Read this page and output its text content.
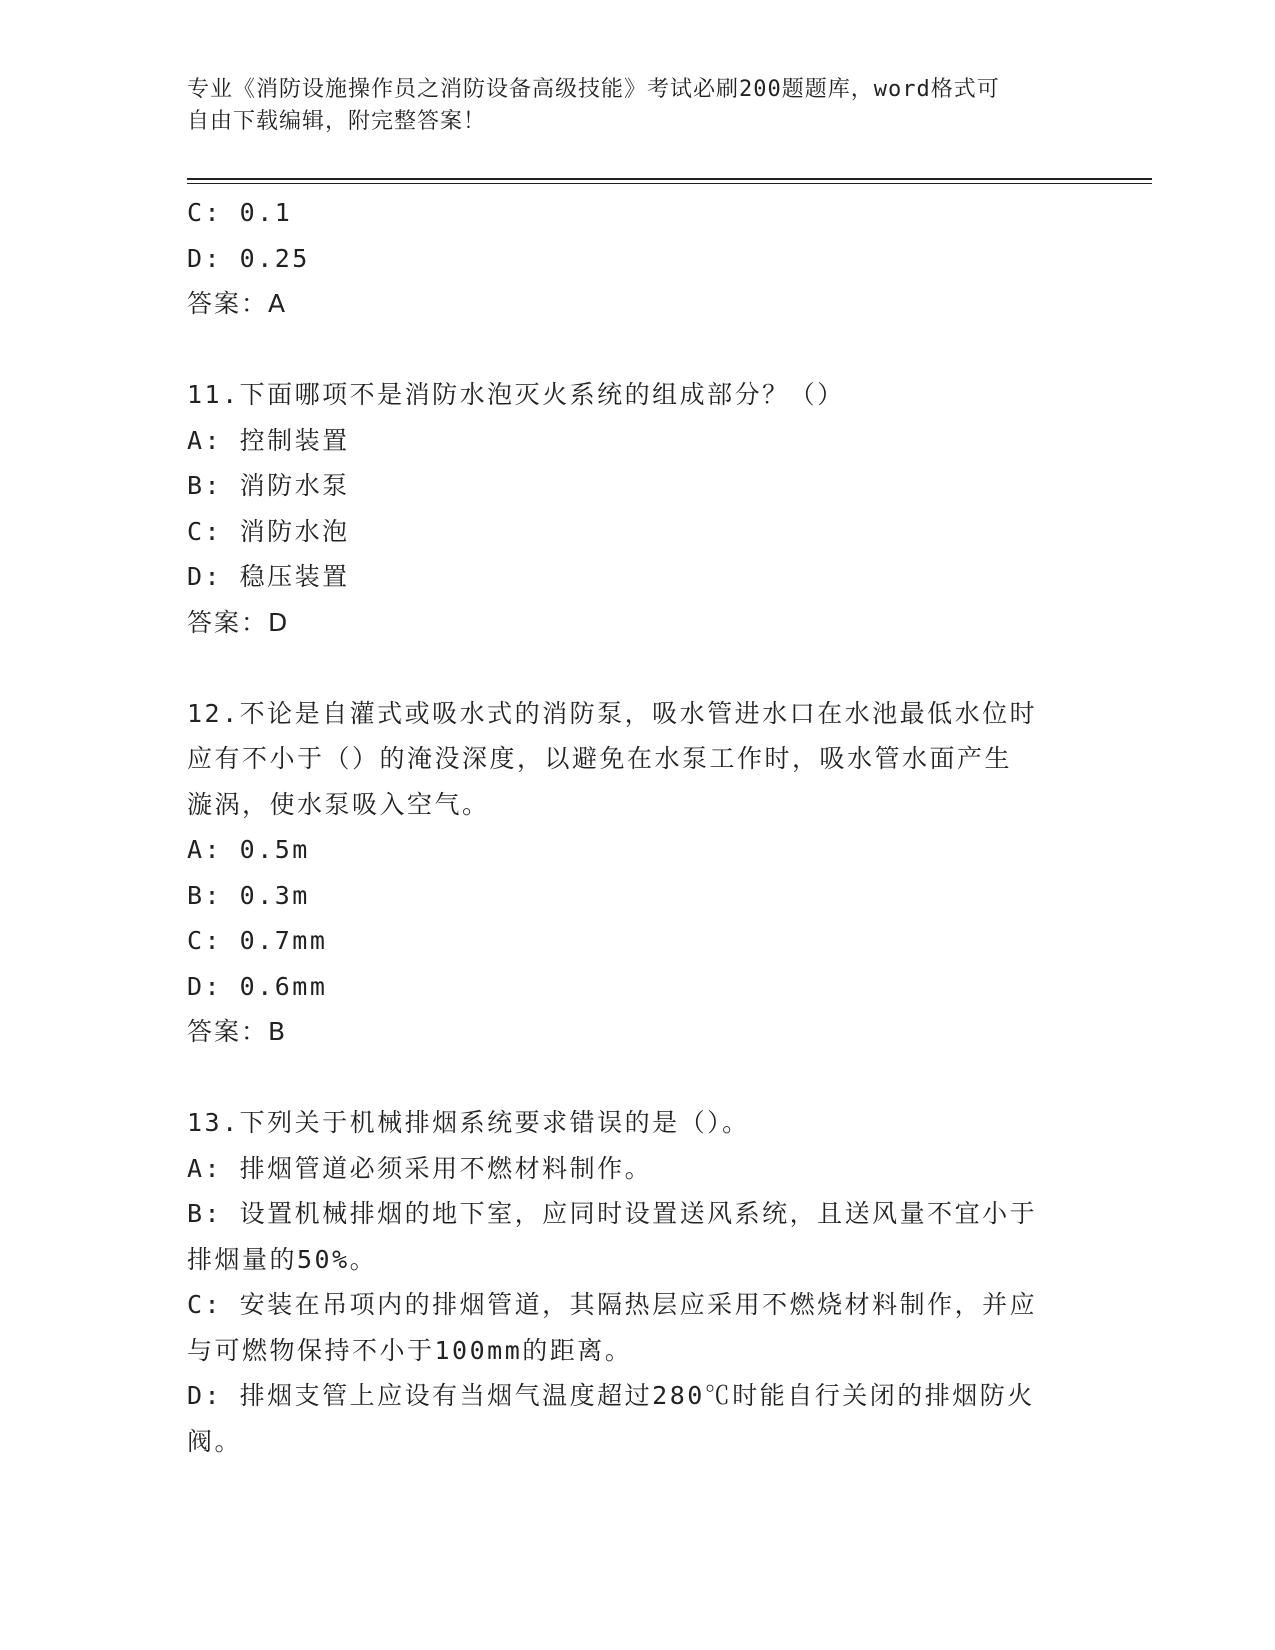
专业《消防设施操作员之消防设备高级技能》考试必刷200题题库，word格式可
自由下载编辑，附完整答案！
C: 0.1
D: 0.25
答案：A
11.下面哪项不是消防水泡灭火系统的组成部分？（）
A: 控制装置
B: 消防水泵
C: 消防水泡
D: 稳压装置
答案：D
12.不论是自灌式或吸水式的消防泵，吸水管进水口在水池最低水位时
应有不小于（）的淹没深度，以避免在水泵工作时，吸水管水面产生
漩涡，使水泵吸入空气。
A: 0.5m
B: 0.3m
C: 0.7mm
D: 0.6mm
答案：B
13.下列关于机械排烟系统要求错误的是（）。
A: 排烟管道必须采用不燃材料制作。
B: 设置机械排烟的地下室，应同时设置送风系统，且送风量不宜小于
排烟量的50%。
C: 安装在吊项内的排烟管道，其隔热层应采用不燃烧材料制作，并应
与可燃物保持不小于100mm的距离。
D: 排烟支管上应设有当烟气温度超过280℃时能自行关闭的排烟防火
阀。
